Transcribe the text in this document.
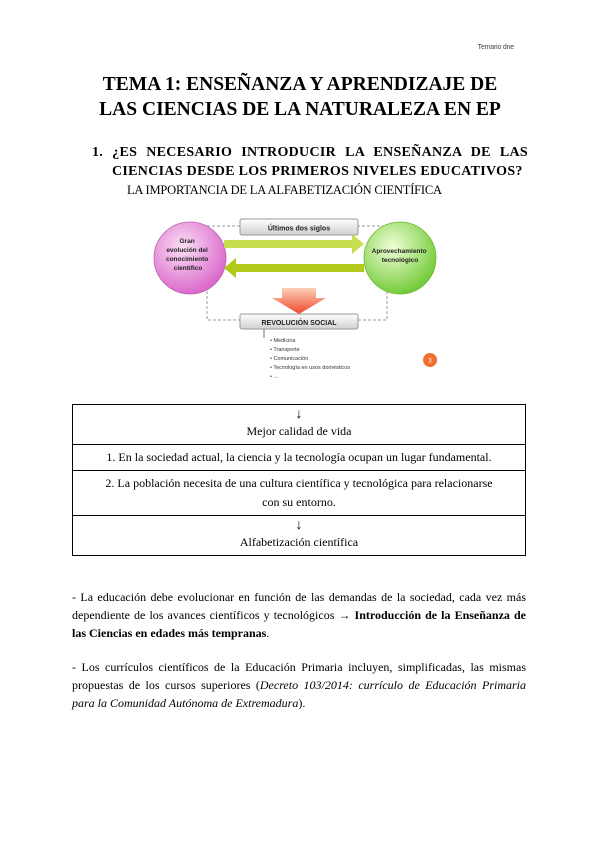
Temario dne
TEMA 1: ENSEÑANZA Y APRENDIZAJE DE
LAS CIENCIAS DE LA NATURALEZA EN EP
1. ¿ES NECESARIO INTRODUCIR LA ENSEÑANZA DE LAS
CIENCIAS DESDE LOS PRIMEROS NIVELES EDUCATIVOS?
LA IMPORTANCIA DE LA ALFABETIZACIÓN CIENTÍFICA
Últimos dos siglos
Gran evolución del conocimiento científico
Aprovechamiento tecnológico
REVOLUCIÓN SOCIAL
• Medicina • Transporte • Comunicación • Tecnología en usos domésticos • ...
3
↓
Mejor calidad de vida
1. En la sociedad actual, la ciencia y la tecnología ocupan un lugar fundamental.

2. La población necesita de una cultura científica y tecnológica para relacionarse
con su entorno.

↓
Alfabetización científica

- La educación debe evolucionar en función de las demandas de la sociedad, cada vez más dependiente de los avances científicos y tecnológicos → Introducción de la Enseñanza de las Ciencias en edades más tempranas.

- Los currículos científicos de la Educación Primaria incluyen, simplificadas, las mismas propuestas de los cursos superiores (Decreto 103/2014: currículo de Educación Primaria para la Comunidad Autónoma de Extremadura).
